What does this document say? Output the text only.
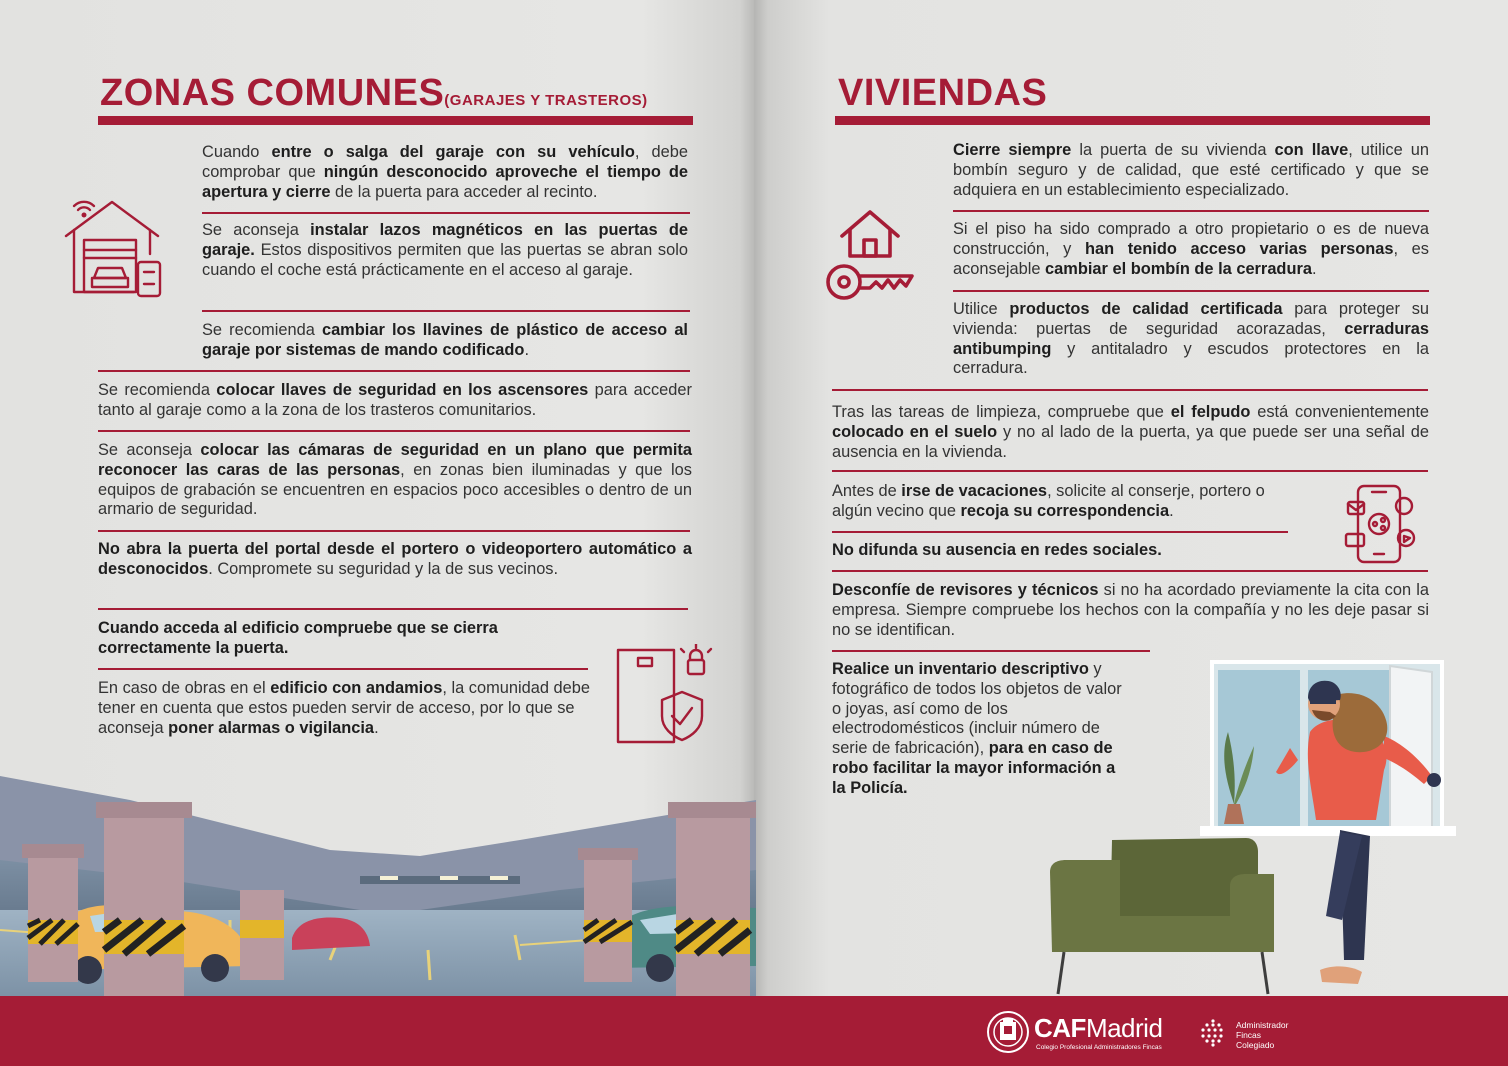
ZONAS COMUNES(GARAJES Y TRASTEROS)
Cuando entre o salga del garaje con su vehículo, debe comprobar que ningún desconocido aproveche el tiempo de apertura y cierre de la puerta para acceder al recinto.
Se aconseja instalar lazos magnéticos en las puertas de garaje. Estos dispositivos permiten que las puertas se abran solo cuando el coche está prácticamente en el acceso al garaje.
Se recomienda cambiar los llavines de plástico de acceso al garaje por sistemas de mando codificado.
Se recomienda colocar llaves de seguridad en los ascensores para acceder tanto al garaje como a la zona de los trasteros comunitarios.
Se aconseja colocar las cámaras de seguridad en un plano que permita reconocer las caras de las personas, en zonas bien iluminadas y que los equipos de grabación se encuentren en espacios poco accesibles o dentro de un armario de seguridad.
No abra la puerta del portal desde el portero o videoportero automático a desconocidos. Compromete su seguridad y la de sus vecinos.
Cuando acceda al edificio compruebe que se cierra correctamente la puerta.
En caso de obras en el edificio con andamios, la comunidad debe tener en cuenta que estos pueden servir de acceso, por lo que se aconseja poner alarmas o vigilancia.
VIVIENDAS
Cierre siempre la puerta de su vivienda con llave, utilice un bombín seguro y de calidad, que esté certificado y que se adquiera en un establecimiento especializado.
Si el piso ha sido comprado a otro propietario o es de nueva construcción, y han tenido acceso varias personas, es aconsejable cambiar el bombín de la cerradura.
Utilice productos de calidad certificada para proteger su vivienda: puertas de seguridad acorazadas, cerraduras antibumping y antitaladro y escudos protectores en la cerradura.
Tras las tareas de limpieza, compruebe que el felpudo está convenientemente colocado en el suelo y no al lado de la puerta, ya que puede ser una señal de ausencia en la vivienda.
Antes de irse de vacaciones, solicite al conserje, portero o algún vecino que recoja su correspondencia.
No difunda su ausencia en redes sociales.
Desconfíe de revisores y técnicos si no ha acordado previamente la cita con la empresa. Siempre compruebe los hechos con la compañía y no les deje pasar si no se identifican.
Realice un inventario descriptivo y fotográfico de todos los objetos de valor o joyas, así como de los electrodomésticos (incluir número de serie de fabricación), para en caso de robo facilitar la mayor información a la Policía.
CAFMadrid
Colegio Profesional Administradores Fincas
Administrador
Fincas
Colegiado
